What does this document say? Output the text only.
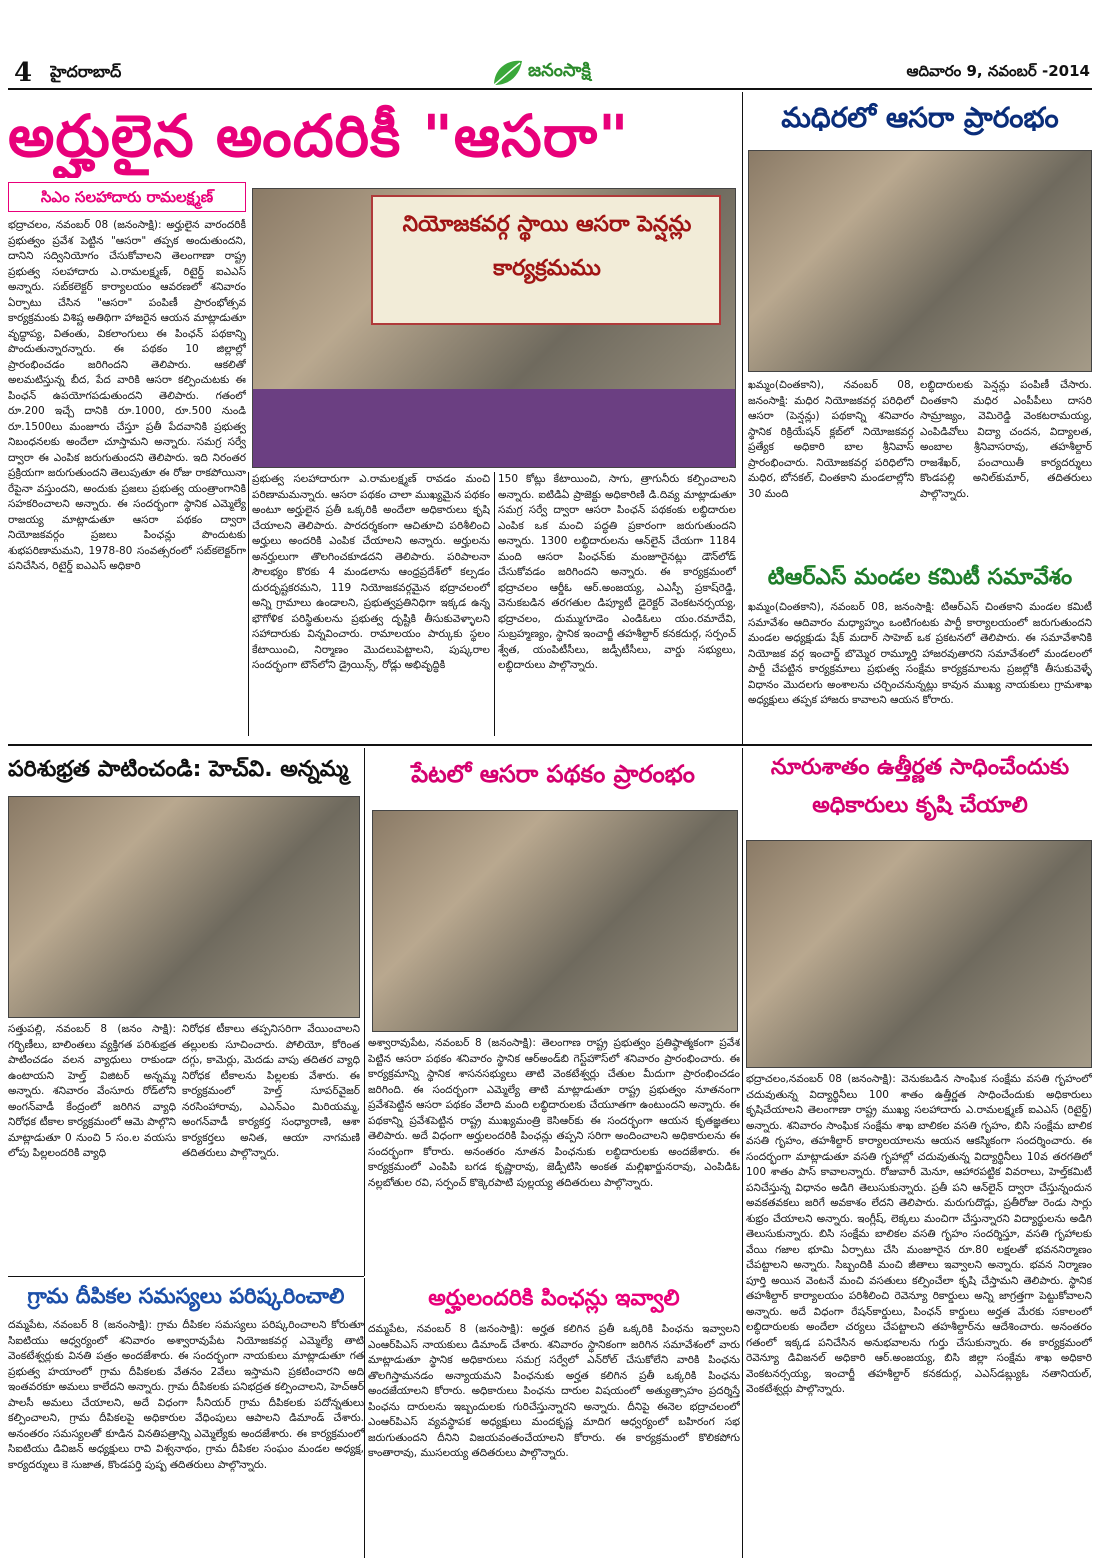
4	హైదరాబాద్	జనంసాక్షి	ఆదివారం 9, నవంబర్ -2014
అర్హులైన అందరికీ "ఆసరా"
సిఎం సలహాదారు రామలక్ష్మణ్
నియోజకవర్గ స్థాయి ఆసరా పెన్షన్లు కార్యక్రమము
భద్రాచలం, నవంబర్ 08 (జనంసాక్షి): అర్హులైన వారందరికీ ప్రభుత్వం ప్రవేశ పెట్టిన "ఆసరా" తప్పక అందుతుందని, దానిని సద్వినియోగం చేసుకోవాలని తెలంగాణా రాష్ట్ర ప్రభుత్వ సలహాదారు ఎ.రామలక్ష్మణ్, రిటైర్డ్ ఐఎఎస్ అన్నారు. సబ్‌కలెక్టర్ కార్యాలయం ఆవరణలో శనివారం ఏర్పాటు చేసిన "ఆసరా" పంపిణీ ప్రారంభోత్సవ కార్యక్రమంకు విశిష్ట అతిథిగా హాజరైన ఆయన మాట్లాడుతూ వృద్ధాప్య, వితంతు, వికలాంగులు ఈ పింఛన్ పథకాన్ని పొందుతున్నారన్నారు. ఈ పథకం 10 జిల్లాల్లో ప్రారంభించడం జరిగిందని తెలిపారు. ఆకలితో అలమటిస్తున్న బీద, పేద వారికి ఆసరా కల్పించుటకు ఈ పింఛన్ ఉపయోగపడుతుందని తెలిపారు. గతంలో రూ.200 ఇచ్చే దానికి రూ.1000, రూ.500 నుండి రూ.1500లు మంజూరు చేస్తూ ప్రతీ పేదవానికి ప్రభుత్వ నిబంధనలకు అందేలా చూస్తామని అన్నారు. సమగ్ర సర్వే ద్వారా ఈ ఎంపిక జరుగుతుందని తెలిపారు. ఇది నిరంతర ప్రక్రియగా జరుగుతుందని తెలుపుతూ ఈ రోజు రాకపోయినా రేపైనా వస్తుందని, అందుకు ప్రజలు ప్రభుత్వ యంత్రాంగానికి సహకరించాలని అన్నారు. ఈ సందర్భంగా స్థానిక ఎమ్మెల్యే రాజయ్య మాట్లాడుతూ ఆసరా పథకం ద్వారా నియోజకవర్గం ప్రజలు పింఛన్లు పొందుటకు శుభపరిణామమని, 1978-80 సంవత్సరంలో సబ్‌కలెక్టర్‌గా పనిచేసిన, రిటైర్డ్ ఐఎఎస్ అధికారి
ప్రభుత్వ సలహాదారుగా ఎ.రామలక్ష్మణ్ రావడం మంచి పరిణామమన్నారు. ఆసరా పథకం చాలా ముఖ్యమైన పథకం అంటూ అర్హులైన ప్రతీ ఒక్కరికి అందేలా అధికారులు కృషి చేయాలని తెలిపారు. పారదర్శకంగా ఆచితూచి పరిశీలించి అర్హులు అందరికి ఎంపిక చేయాలని అన్నారు. అర్హులను అనర్హులుగా తొలగించకూడదని తెలిపారు. పరిపాలనా సౌలభ్యం కొరకు 4 మండలాను ఆంధ్రప్రదేశ్‌లో కల్పడం దురదృష్టకరమని, 119 నియోజకవర్గమైన భద్రాచలంలో అన్ని గ్రామాలు ఉండాలని, ప్రభుత్వప్రతినిధిగా ఇక్కడ ఉన్న భౌగోళిక పరిస్థితులను ప్రభుత్వ దృష్టికి తీసుకువెళ్ళాలని సహాదారుకు విన్నవించారు. రామాలయం పార్కుకు స్థలం కేటాయించి, నిర్మాణం మొదలుపెట్టాలని, పుష్కరాల సందర్భంగా టౌన్‌లోని డ్రైయిన్స్, రోడ్లు అభివృద్ధికి
150 కోట్లు కేటాయించి, సాగు, త్రాగునీరు కల్పించాలని అన్నారు. ఐటిడిఏ ప్రాజెక్టు అధికారిణి డి.దివ్య మాట్లాడుతూ సమగ్ర సర్వే ద్వారా ఆసరా పింఛన్ పథకంకు లబ్ధిదారుల ఎంపిక ఒక మంచి పద్ధతి ప్రకారంగా జరుగుతుందని అన్నారు. 1300 లబ్ధిదారులను ఆన్‌లైన్ చేయగా 1184 మంది ఆసరా పింఛన్‌కు మంజూరైనట్లు డౌన్‌లోడ్ చేసుకోవడం జరిగిందని అన్నారు. ఈ కార్యక్రమంలో భద్రాచలం ఆర్డీఓ ఆర్.అంజయ్య, ఎఎస్పీ ప్రకాష్‌రెడ్డి, వెనుకబడిన తరగతుల డిప్యూటీ డైరెక్టర్ వెంకటనర్సయ్య, భద్రాచలం, దుమ్ముగూడెం ఎండిఓలు యం.రమాదేవి, సుబ్రహ్మణ్యం, స్థానిక ఇంచార్జీ తహశీల్దార్ కనకదుర్గ, సర్పంచ్ శ్వేత, యంపిటీసీలు, జడ్పీటీసీలు, వార్డు సభ్యులు, లబ్ధిదారులు పాల్గొన్నారు.
మధిరలో ఆసరా ప్రారంభం
ఖమ్మం(చింతకాని), నవంబర్ 08, జనంసాక్షి: మధిర నియోజకవర్గ పరిధిలో ఆసరా (పెన్షన్లు) పథకాన్ని శనివారం స్థానిక రిక్రియేషన్ క్లబ్‌లో నియోజకవర్గ ప్రత్యేక అధికారి బాల శ్రీనివాస్ ప్రారంభించారు. నియోజకవర్గ పరిధిలోని మధిర, బోనకల్, చింతకాని మండలాల్లోని 30 మంది
లబ్ధిదారులకు పెన్షన్లు పంపిణీ చేసారు. చింతకాని మధిర ఎంపీపీలు దాసరి సామ్రాజ్యం, వెమిరెడ్డి వెంకటరామయ్య, ఎంపిడివోలు విద్యా చందన, విద్యాలత, అంబాల శ్రీనివాసరావు, తహశీల్దార్ రాజశేఖర్, పంచాయితీ కార్యదర్శులు కొండపల్లి అనిల్‌కుమార్, తదితరులు పాల్గొన్నారు.
టిఆర్ఎస్ మండల కమిటీ సమావేశం
ఖమ్మం(చింతకాని), నవంబర్ 08, జనంసాక్షి: టిఆర్ఎస్ చింతకాని మండల కమిటీ సమావేశం ఆదివారం మధ్యాహ్నం ఒంటిగంటకు పార్టీ కార్యాలయంలో జరుగుతుందని మండల అధ్యక్షుడు షేక్ మదార్ సాహెబ్ ఒక ప్రకటనలో తెలిపారు. ఈ సమావేశానికి నియోజక వర్గ ఇంచార్జ్ బొమ్మెర రామ్మూర్తి హాజరవుతారని సమావేశంలో మండలంలో పార్టీ చేపట్టిన కార్యక్రమాలు ప్రభుత్వ సంక్షేమ కార్యక్రమాలను ప్రజల్లోకి తీసుకువెళ్ళే విధానం మొదలగు అంశాలను చర్చించనున్నట్లు కావున ముఖ్య నాయకులు గ్రామశాఖ అధ్యక్షులు తప్పక హాజరు కావాలని ఆయన కోరారు.
పరిశుభ్రత పాటించండి: హెచ్‌వి. అన్నమ్మ
సత్తుపల్లి, నవంబర్ 8 (జనం సాక్షి): గర్భిణీలు, బాలింతలు వ్యక్తిగత పరిశుభ్రత పాటించడం వలన వ్యాధులు రాకుండా ఉంటాయని హెల్త్ విజిటర్ అన్నమ్మ అన్నారు. శనివారం వేంసూరు రోడ్‌లోని అంగన్‌వాడీ కేంద్రంలో జరిగిన వ్యాధి నిరోధక టీకాల కార్యక్రమంలో ఆమె పాల్గొని మాట్లాడుతూ 0 నుంచి 5 సం.ల వయసు లోపు పిల్లలందరికి వ్యాధి
నిరోధక టీకాలు తప్పనిసరిగా వేయించాలని తల్లులకు సూచించారు. పోలియో, కోరింత దగ్గు, కామెర్లు, మెదడు వాపు తదితర వ్యాధి నిరోధక టీకాలను పిల్లలకు వేశారు. ఈ కార్యక్రమంలో హెల్త్ సూపర్‌వైజర్ నరసింహారావు, ఎఎన్ఎం మిరియమ్మ, అంగన్‌వాడీ కార్యకర్త సంధ్యారాణి, ఆశా కార్యకర్తలు అనిత, ఆయా నాగమణి తదితరులు పాల్గొన్నారు.
పేటలో ఆసరా పథకం ప్రారంభం
అశ్వారావుపేట, నవంబర్ 8 (జనంసాక్షి): తెలంగాణ రాష్ట్ర ప్రభుత్వం ప్రతిష్ఠాత్మకంగా ప్రవేశ పెట్టిన ఆసరా పథకం శనివారం స్థానిక ఆర్‌అండ్‌బి గెస్ట్‌హౌస్‌లో శనివారం ప్రారంభించారు. ఈ కార్యక్రమాన్ని స్థానిక శాసనసభ్యులు తాటి వెంకటేశ్వర్లు చేతుల మీదుగా ప్రారంభించడం జరిగింది. ఈ సందర్భంగా ఎమ్మెల్యే తాటి మాట్లాడుతూ రాష్ట్ర ప్రభుత్వం నూతనంగా ప్రవేశపెట్టిన ఆసరా పథకం వేలాది మంది లబ్ధిదారులకు చేయూతగా ఉంటుందని అన్నారు. ఈ పథకాన్ని ప్రవేశపెట్టిన రాష్ట్ర ముఖ్యమంత్రి కెసిఆర్‌కు ఈ సందర్భంగా ఆయన కృతజ్ఞతలు తెలిపారు. అదే విధంగా అర్హులందరికి పింఛన్లు తప్పని సరిగా అందించాలని అధికారులను ఈ సందర్భంగా కోరారు. అనంతరం నూతన పింఛనుకు లబ్ధిదారులకు అందజేశారు. ఈ కార్యక్రమంలో ఎంపిపి బగడ కృష్ణారావు, జెడ్పీటిసి అంకత మల్లిఖార్జునరావు, ఎంపిడిఓ నల్లబోతుల రవి, సర్పంచ్ కొక్కెరపాటి పుల్లయ్య తదితరులు పాల్గొన్నారు.
నూరుశాతం ఉత్తీర్ణత సాధించేందుకు
అధికారులు కృషి చేయాలి
భద్రాచలం,నవంబర్ 08 (జనంసాక్షి): వెనుకబడిన సాంఘిక సంక్షేమ వసతి గృహంలో చదువుతున్న విద్యార్థినీలు 100 శాతం ఉత్తీర్ణత సాధించేందుకు అధికారులు కృషిచేయాలని తెలంగాణా రాష్ట్ర ముఖ్య సలహాదారు ఎ.రామలక్ష్మణ్ ఐఎఎస్ (రిటైర్డ్) అన్నారు. శనివారం సాంఘిక సంక్షేమ శాఖ బాలికల వసతి గృహం, బిసి సంక్షేమ బాలిక వసతి గృహం, తహశీల్దార్ కార్యాలయాలను ఆయన ఆకస్మికంగా సందర్శించారు. ఈ సందర్భంగా మాట్లాడుతూ వసతి గృహాల్లో చదువుతున్న విద్యార్థినీలు 10వ తరగతిలో 100 శాతం పాస్ కావాలన్నారు. రోజువారీ మెనూ, ఆహారపట్టిక వివరాలు, హెల్త్‌కమిటీ పనిచేస్తున్న విధానం అడిగి తెలుసుకున్నారు. ప్రతీ పని ఆన్‌లైన్ ద్వారా చేస్తున్నందున అవకతవకలు జరిగే అవకాశం లేదని తెలిపారు. మరుగుదొడ్లు, ప్రతీరోజు రెండు సార్లు శుభ్రం చేయాలని అన్నారు. ఇంగ్లీష్, లెక్కలు మంచిగా చేస్తున్నారని విద్యార్థులను అడిగి తెలుసుకున్నారు. బిసి సంక్షేమ బాలికల వసతి గృహం సందర్శిస్తూ, వసతి గృహాలకు వేయి గజాల భూమి ఏర్పాటు చేసి మంజూరైన రూ.80 లక్షలతో భవననిర్మాణం చేపట్టాలని అన్నారు. సిబ్బందికి మంచి జీతాలు ఇవ్వాలని అన్నారు. భవన నిర్మాణం పూర్తి అయిన వెంటనే మంచి వసతులు కల్పించేలా కృషి చేస్తామని తెలిపారు. స్థానిక తహశీల్దార్ కార్యాలయం పరిశీలించి రెవెన్యూ రికార్డులు అన్ని జాగ్రత్తగా పెట్టుకోవాలని అన్నారు. అదే విధంగా రేషన్‌కార్డులు, పింఛన్ కార్డులు అర్హత మేరకు సకాలంలో లబ్ధిదారులకు అందేలా చర్యలు చేపట్టాలని తహశీల్దార్‌ను ఆదేశించారు. అనంతరం గతంలో ఇక్కడ పనిచేసిన అనుభవాలను గుర్తు చేసుకున్నారు. ఈ కార్యక్రమంలో రెవెన్యూ డివిజనల్ అధికారి ఆర్.అంజయ్య, బిసి జిల్లా సంక్షేమ శాఖ అధికారి వెంకటనర్సయ్య, ఇంచార్జీ తహశీల్దార్ కనకదుర్గ, ఎఎస్‌డబ్ల్యుఓ నతానియల్, వెంకటేశ్వర్లు పాల్గొన్నారు.
గ్రామ దీపికల సమస్యలు పరిష్కరించాలి
దమ్మపేట, నవంబర్ 8 (జనంసాక్షి): గ్రామ దీపికల సమస్యలు పరిష్కరించాలని కోరుతూ సిఐటియు ఆధ్వర్యంలో శనివారం అశ్వారావుపేట నియోజకవర్గ ఎమ్మెల్యే తాటి వెంకటేశ్వర్లుకు వినతి పత్రం అందజేశారు. ఈ సందర్భంగా నాయకులు మాట్లాడుతూ గత ప్రభుత్వ హయాంలో గ్రామ దీపికలకు వేతనం 2వేలు ఇస్తామని ప్రకటించారని అది ఇంతవరకూ అమలు కాలేదని అన్నారు. గ్రామ దీపికలకు పనిభద్రత కల్పించాలని, హెచ్‌ఆర్ పాలసీ అమలు చేయాలని, అదే విధంగా సీనియర్ గ్రామ దీపికలకు పదోన్నతులు కల్పించాలని, గ్రామ దీపికలపై అధికారుల వేధింపులు ఆపాలని డిమాండ్ చేశారు. అనంతరం సమస్యలతో కూడిన వినతిపత్రాన్ని ఎమ్మెల్యేకు అందజేశారు. ఈ కార్యక్రమంలో సిఐటియు డివిజన్ అధ్యక్షులు రావి విశ్వనాథం, గ్రామ దీపికల సంఘం మండల అధ్యక్ష, కార్యదర్శులు కె సుజాత, కొండపర్తి పుష్ప తదితరులు పాల్గొన్నారు.
అర్హులందరికి పింఛన్లు ఇవ్వాలి
దమ్మపేట, నవంబర్ 8 (జనంసాక్షి): అర్హత కలిగిన ప్రతీ ఒక్కరికి పింఛను ఇవ్వాలని ఎంఆర్‌పిఎస్ నాయకులు డిమాండ్ చేశారు. శనివారం స్థానికంగా జరిగిన సమావేశంలో వారు మాట్లాడుతూ స్థానిక అధికారులు సమగ్ర సర్వేలో ఎన్‌రోల్ చేసుకోలేని వారికి పింఛను తొలగిస్తామనడం అన్యాయమని పింఛనుకు అర్హత కలిగిన ప్రతీ ఒక్కరికి పింఛను అందజేయాలని కోరారు. అధికారులు పింఛను దారుల విషయంలో అత్యుత్సాహం ప్రదర్శిస్తే పింఛను దారులను ఇబ్బందులకు గురిచేస్తున్నారని అన్నారు. దీనిపై ఈనెల భద్రాచలంలో ఎంఆర్‌పిఎస్ వ్యవస్థాపక అధ్యక్షులు మందకృష్ణ మాదిగ ఆధ్వర్యంలో బహిరంగ సభ జరుగుతుందని దీనిని విజయవంతంచేయాలని కోరారు. ఈ కార్యక్రమంలో కొలికపోగు కాంతారావు, ముసలయ్య తదితరులు పాల్గొన్నారు.
